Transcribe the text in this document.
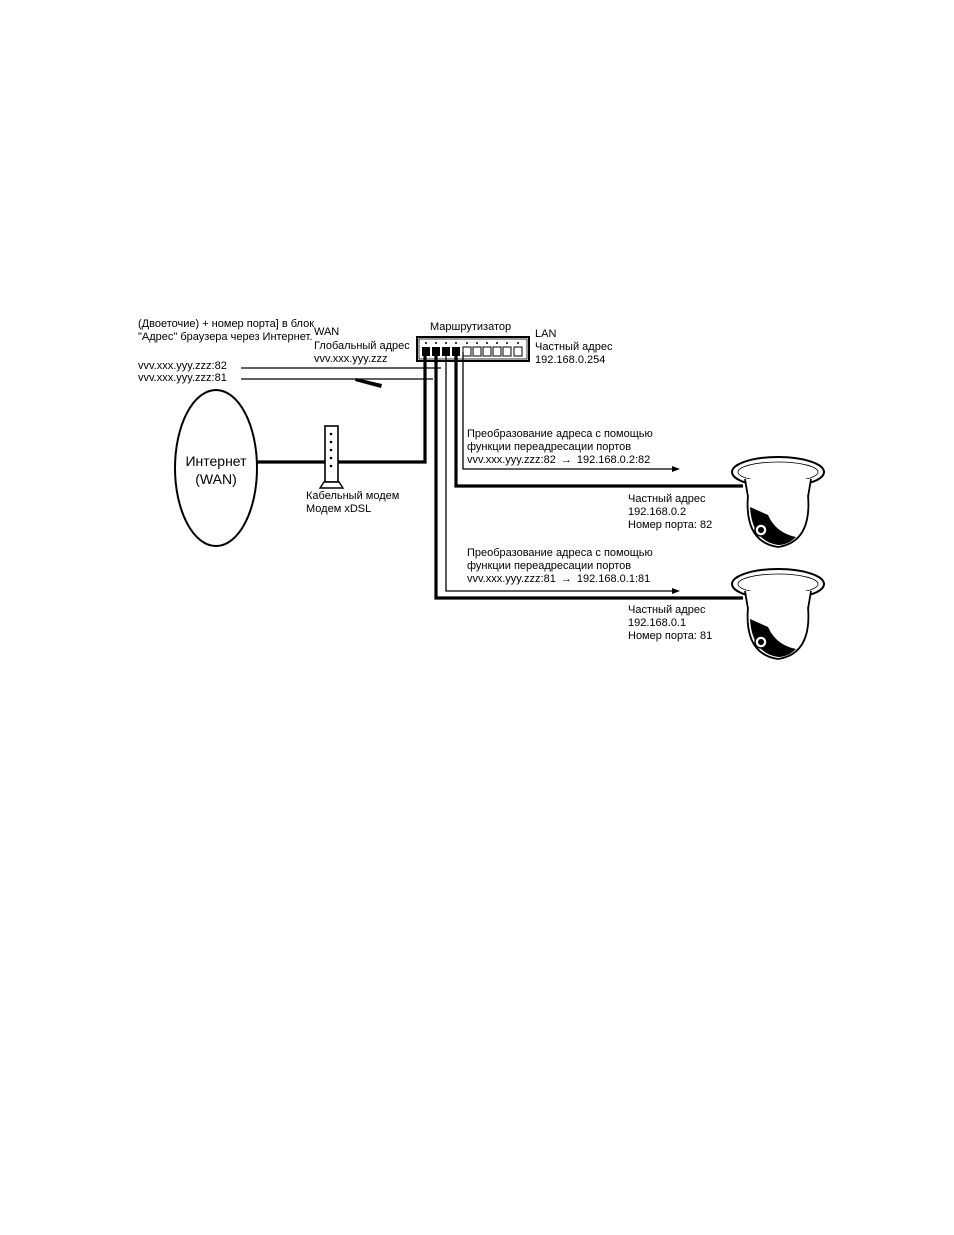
(Двоеточие) + номер порта] в блок
"Адрес" браузера через Интернет.
vvv.xxx.yyy.zzz:82
vvv.xxx.yyy.zzz:81
WAN
Глобальный адрес
vvv.xxx.yyy.zzz
Маршрутизатор
LAN
Частный адрес
192.168.0.254
Интернет
(WAN)
Кабельный модем
Модем xDSL
Преобразование адреса с помощью
функции переадресации портов
vvv.xxx.yyy.zzz:82 → 192.168.0.2:82
Преобразование адреса с помощью
функции переадресации портов
vvv.xxx.yyy.zzz:81 → 192.168.0.1:81
Частный адрес
192.168.0.2
Номер порта: 82
Частный адрес
192.168.0.1
Номер порта: 81
